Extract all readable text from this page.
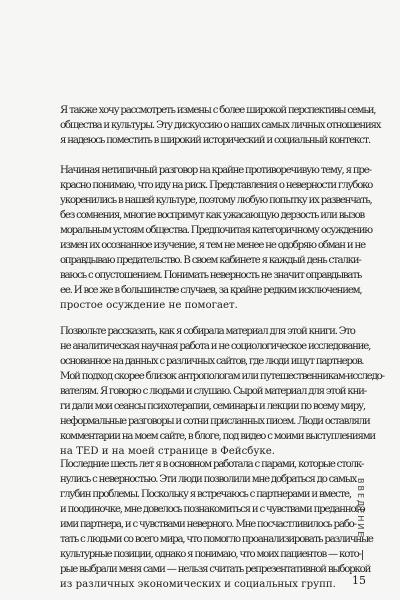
Я также хочу рассмотреть измены с более широкой перспективы семьи,
общества и культуры. Эту дискуссию о наших самых личных отношениях
я надеюсь поместить в широкий исторический и социальный контекст.
Начиная нетипичный разговор на крайне противоречивую тему, я пре-
красно понимаю, что иду на риск. Представления о неверности глубоко
укоренились в нашей культуре, поэтому любую попытку их развенчать,
без сомнения, многие воспримут как ужасающую дерзость или вызов
моральным устоям общества. Предпочитая категоричному осуждению
измен их осознанное изучение, я тем не менее не одобряю обман и не
оправдываю предательство. В своем кабинете я каждый день сталки-
ваюсь с опустошением. Понимать неверность не значит оправдывать
ее. И все же в большинстве случаев, за крайне редким исключением,
простое осуждение не помогает.
Позвольте рассказать, как я собирала материал для этой книги. Это
не аналитическая научная работа и не социологическое исследование,
основанное на данных с различных сайтов, где люди ищут партнеров.
Мой подход скорее близок антропологам или путешественникам-исследо-
вателям. Я говорю с людьми и слушаю. Сырой материал для этой кни-
ги дали мои сеансы психотерапии, семинары и лекции по всему миру,
неформальные разговоры и сотни присланных писем. Люди оставляли
комментарии на моем сайте, в блоге, под видео с моими выступлениями
на TED и на моей странице в Фейсбуке.
Последние шесть лет я в основном работала с парами, которые столк-
нулись с неверностью. Эти люди позволили мне добраться до самых
глубин проблемы. Поскольку я встречаюсь с партнерами и вместе,
и поодиночке, мне довелось познакомиться и с чувствами преданного
ими партнера, и с чувствами неверного. Мне посчастливилось рабо-
тать с людьми со всего мира, что помогло проанализировать различные
культурные позиции, однако я понимаю, что моих пациентов — кото-
рые выбрали меня сами — нельзя считать репрезентативной выборкой
из различных экономических и социальных групп.
ВВЕДЕНИЕ
15
